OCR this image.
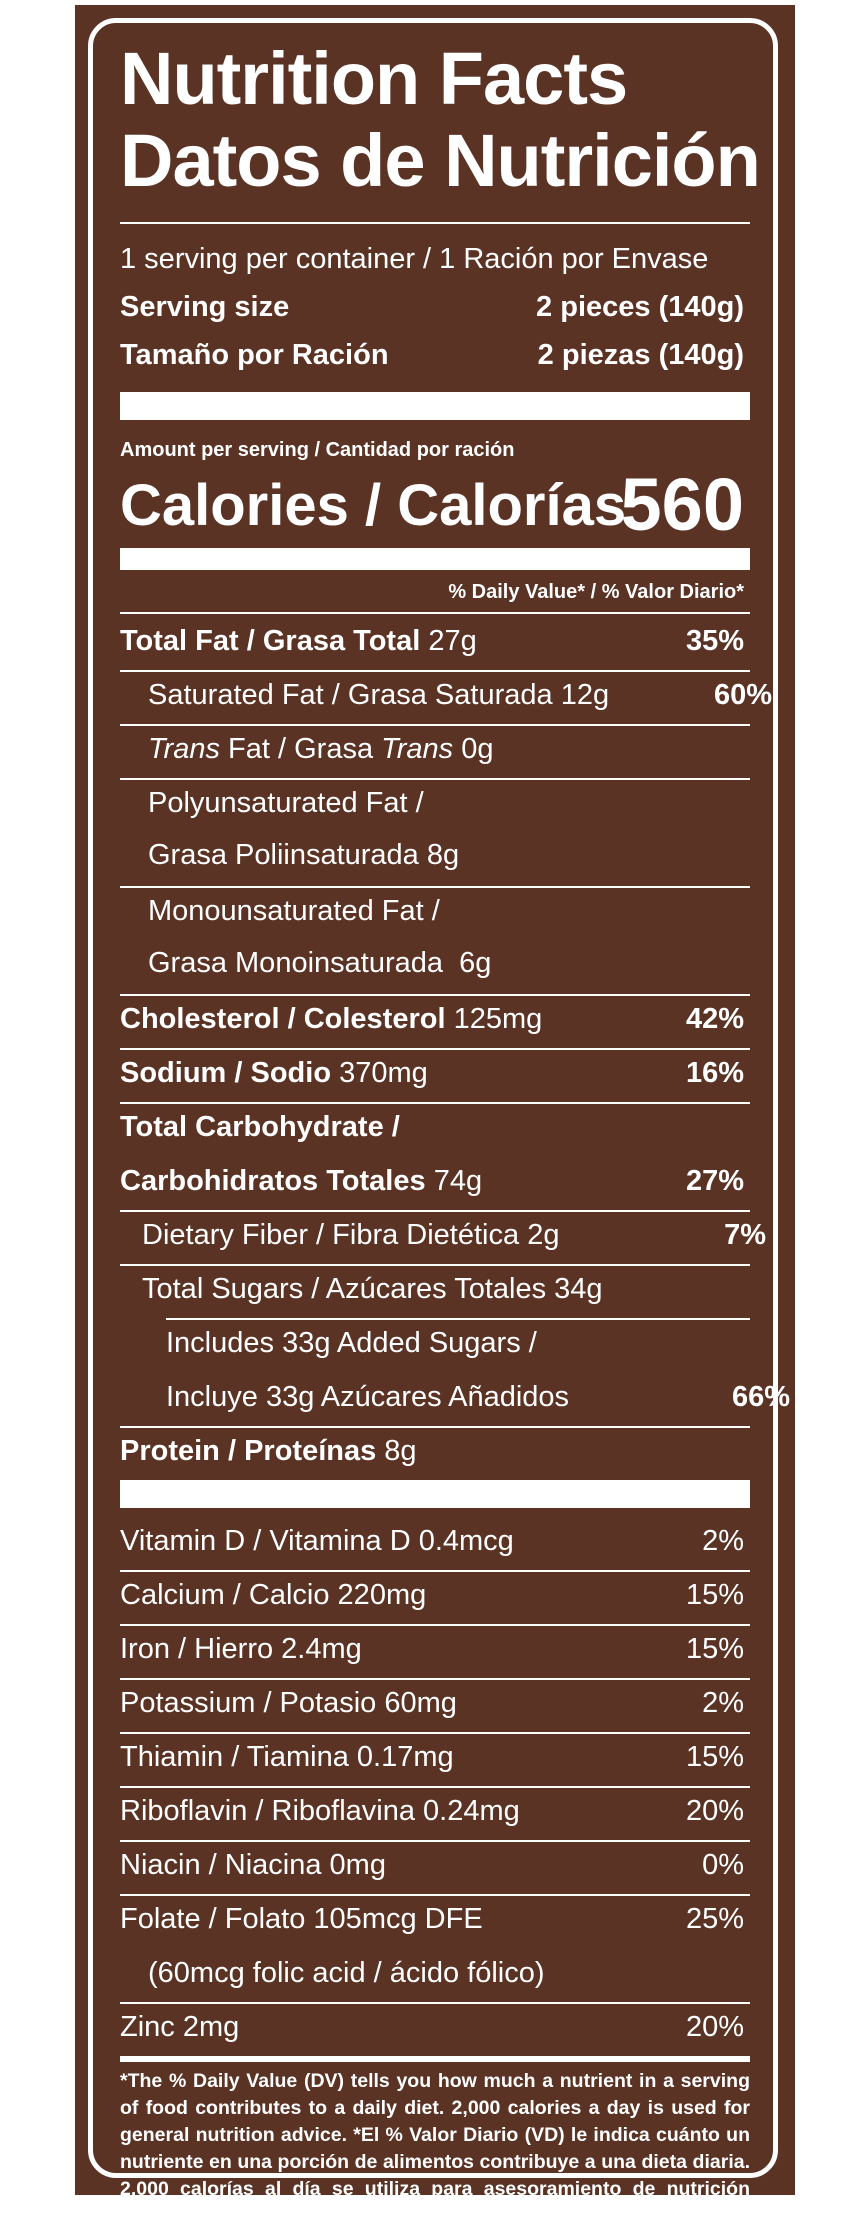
Nutrition Facts
Datos de Nutrición
1 serving per container / 1 Ración por Envase
Serving size	2 pieces (140g)
Tamaño por Ración	2 piezas (140g)
Amount per serving / Cantidad por ración
Calories / Calorías
560
% Daily Value* / % Valor Diario*
Total Fat / Grasa Total 27g	35%
Saturated Fat / Grasa Saturada 12g	60%
Trans Fat / Grasa Trans 0g
Polyunsaturated Fat /
Grasa Poliinsaturada 8g
Monounsaturated Fat /
Grasa Monoinsaturada 6g
Cholesterol / Colesterol 125mg	42%
Sodium / Sodio 370mg	16%
Total Carbohydrate /
Carbohidratos Totales 74g	27%
Dietary Fiber / Fibra Dietética 2g	7%
Total Sugars / Azúcares Totales 34g
Includes 33g Added Sugars /
Incluye 33g Azúcares Añadidos	66%
Protein / Proteínas 8g
Vitamin D / Vitamina D 0.4mcg	2%
Calcium / Calcio 220mg	15%
Iron / Hierro 2.4mg	15%
Potassium / Potasio 60mg	2%
Thiamin / Tiamina 0.17mg	15%
Riboflavin / Riboflavina 0.24mg	20%
Niacin / Niacina 0mg	0%
Folate / Folato 105mcg DFE	25%
(60mcg folic acid / ácido fólico)
Zinc 2mg	20%
*The % Daily Value (DV) tells you how much a nutrient in a serving of food contributes to a daily diet. 2,000 calories a day is used for general nutrition advice. *El % Valor Diario (VD) le indica cuánto un nutriente en una porción de alimentos contribuye a una dieta diaria. 2,000 calorías al día se utiliza para asesoramiento de nutrición general.
